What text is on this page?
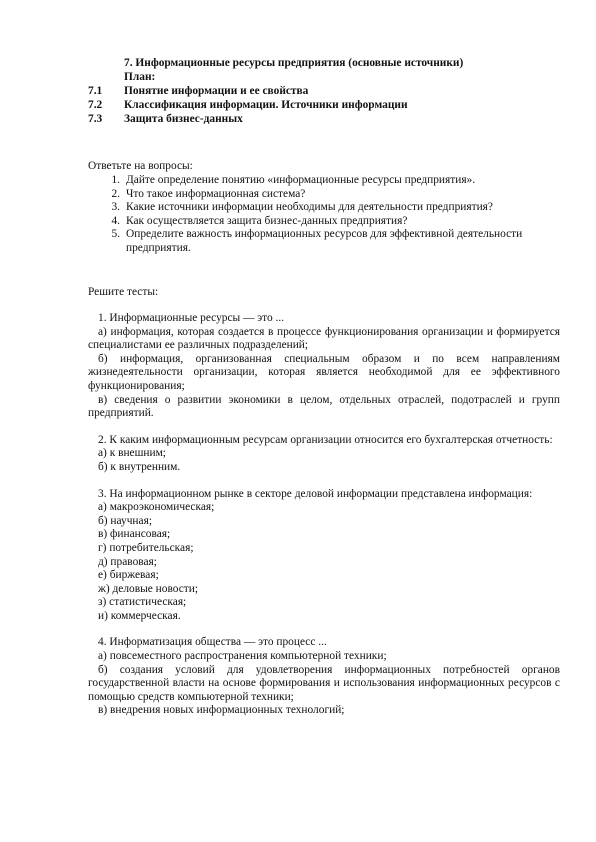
7. Информационные ресурсы предприятия (основные источники)
План:
7.1	Понятие информации и ее свойства
7.2	Классификация информации. Источники информации
7.3	Защита бизнес-данных
Ответьте на вопросы:
1. Дайте определение понятию «информационные ресурсы предприятия».
2. Что такое информационная система?
3. Какие источники информации необходимы для деятельности предприятия?
4. Как осуществляется защита бизнес-данных предприятия?
5. Определите важность информационных ресурсов для эффективной деятельности предприятия.
Решите тесты:
1. Информационные ресурсы — это ...
а) информация, которая создается в процессе функционирования организации и формируется специалистами ее различных подразделений;
б) информация, организованная специальным образом и по всем направлениям жизнедеятельности организации, которая является необходимой для ее эффективного функционирования;
в) сведения о развитии экономики в целом, отдельных отраслей, подотраслей и групп предприятий.
2. К каким информационным ресурсам организации относится его бухгалтерская отчетность:
а) к внешним;
б) к внутренним.
3. На информационном рынке в секторе деловой информации представлена информация:
а) макроэкономическая;
б) научная;
в) финансовая;
г) потребительская;
д) правовая;
е) биржевая;
ж) деловые новости;
з) статистическая;
и) коммерческая.
4. Информатизация общества — это процесс ...
а) повсеместного распространения компьютерной техники;
б) создания условий для удовлетворения информационных потребностей органов государственной власти на основе формирования и использования информационных ресурсов с помощью средств компьютерной техники;
в) внедрения новых информационных технологий;
